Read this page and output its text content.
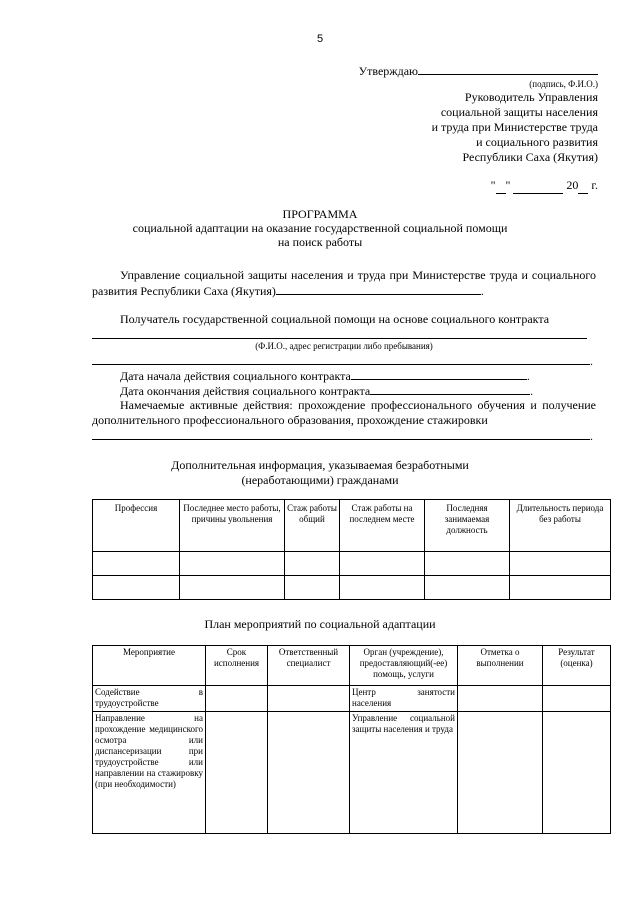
5
Утверждаю
(подпись, Ф.И.О.)
Руководитель Управления
социальной защиты населения
и труда при Министерстве труда
и социального развития
Республики Саха (Якутия)
" "	20 г.
ПРОГРАММА
социальной адаптации на оказание государственной социальной помощи
на поиск работы
Управление социальной защиты населения и труда при Министерстве труда и социального развития Республики Саха (Якутия)	.
Получатель государственной социальной помощи на основе социального контракта
(Ф.И.О., адрес регистрации либо пребывания)
.
Дата начала действия социального контракта	.
Дата окончания действия социального контракта	.
Намечаемые активные действия: прохождение профессионального обучения и получение дополнительного профессионального образования, прохождение стажировки
.
Дополнительная информация, указываемая безработными
(неработающими) гражданами
Профессия	Последнее место работы, причины увольнения	Стаж работы общий	Стаж работы на последнем месте	Последняя занимаемая должность	Длительность периода без работы

План мероприятий по социальной адаптации
Мероприятие	Срок исполнения	Ответственный специалист	Орган (учреждение), предоставляющий(-ее) помощь, услуги	Отметка о выполнении	Результат (оценка)
Содействие в трудоустройстве			Центр занятости населения		
Направление на прохождение медицинского осмотра или диспансеризации при трудоустройстве или направлении на стажировку (при необходимости)			Управление социальной защиты населения и труда		
